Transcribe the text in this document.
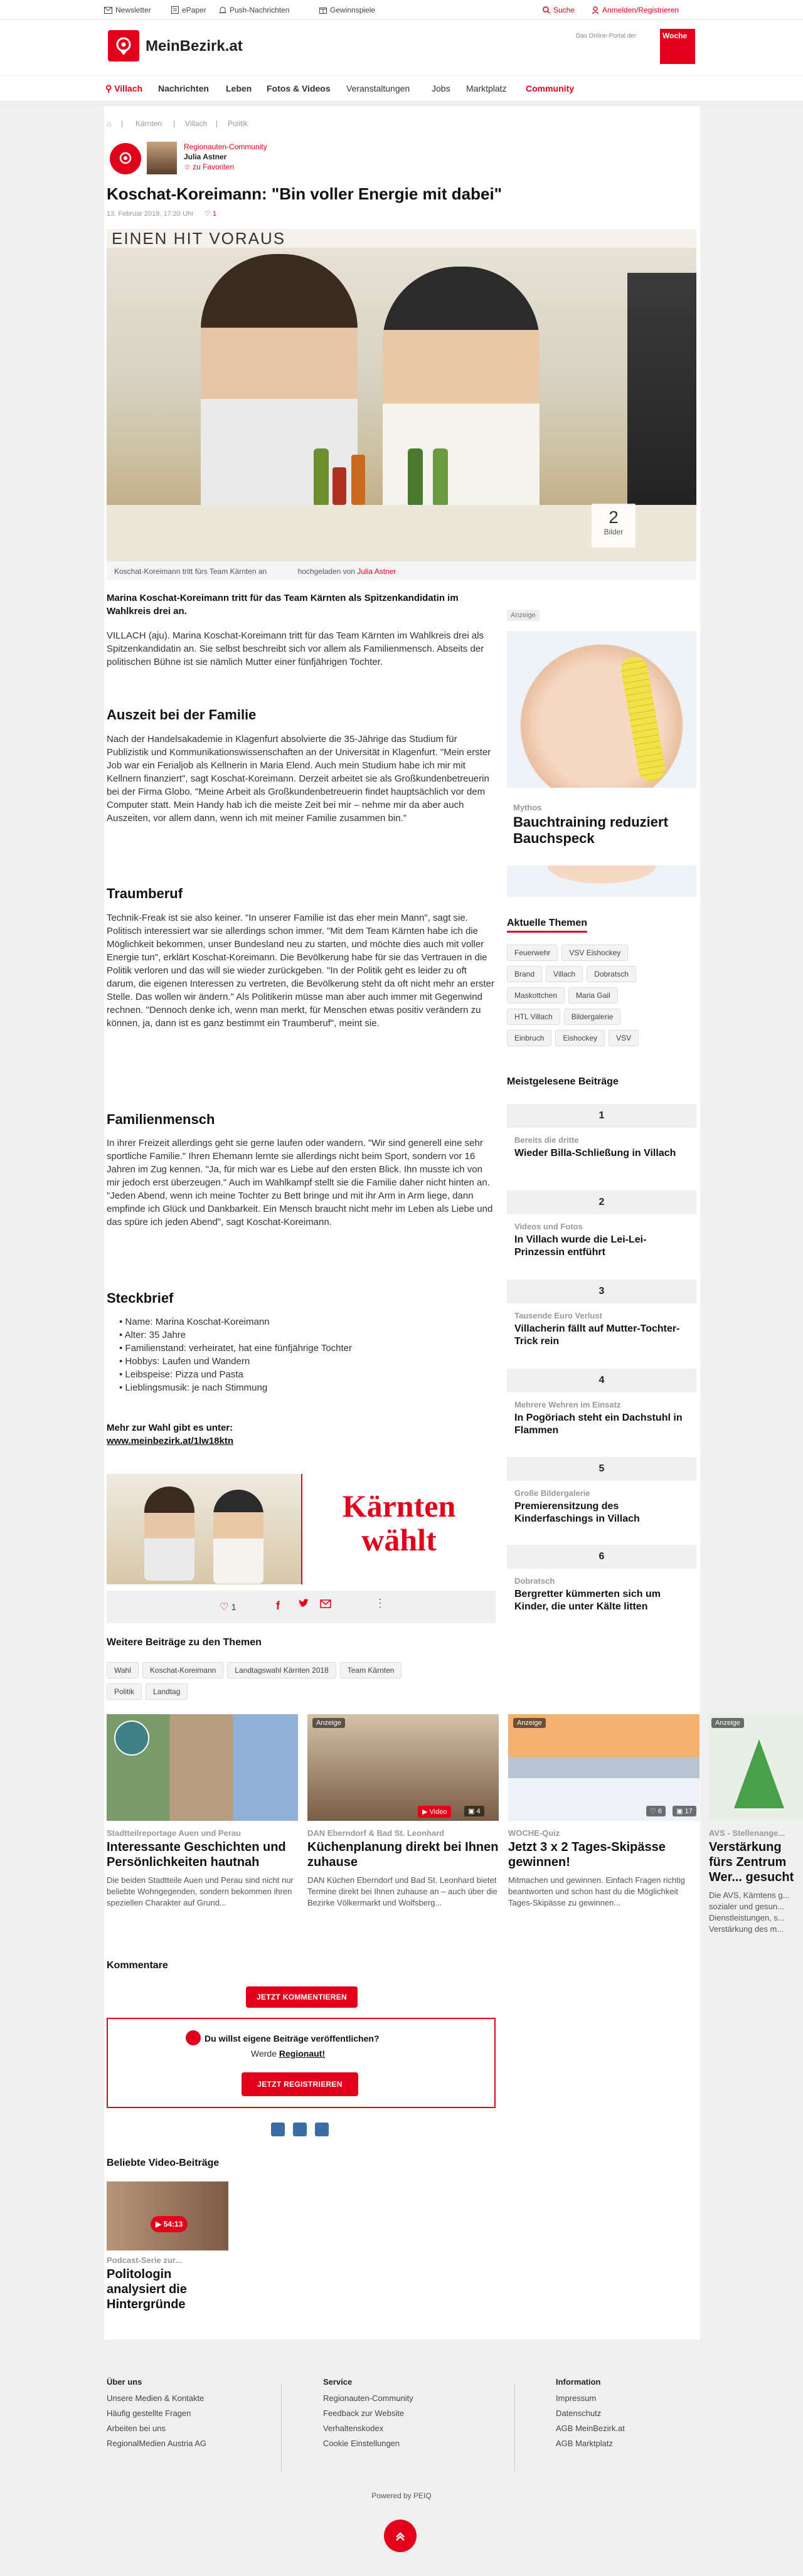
Newsletter	ePaper	Push-Nachrichten	Gewinnspiele	Suche	Anmelden/Registrieren
MeinBezirk.at
Das Online-Portal der	Woche
⚲ Villach Nachrichten Leben Fotos & Videos Veranstaltungen Jobs Marktplatz Community
⌂ | Kärnten | Villach | Politik
Regionauten-Community
Julia Astner
☆ zu Favoriten
Koschat-Koreimann: "Bin voller Energie mit dabei"
13. Februar 2018, 17:20 Uhr ♡ 1
EINEN HIT VORAUS
2
Bilder
Koschat-Koreimann tritt fürs Team Kärnten an	hochgeladen von Julia Astner
Marina Koschat-Koreimann tritt für das Team Kärnten als Spitzenkandidatin im Wahlkreis drei an.
VILLACH (aju). Marina Koschat-Koreimann tritt für das Team Kärnten im Wahlkreis drei als Spitzenkandidatin an. Sie selbst beschreibt sich vor allem als Familienmensch. Abseits der politischen Bühne ist sie nämlich Mutter einer fünfjährigen Tochter.
Auszeit bei der Familie
Nach der Handelsakademie in Klagenfurt absolvierte die 35-Jährige das Studium für Publizistik und Kommunikationswissenschaften an der Universität in Klagenfurt. "Mein erster Job war ein Ferialjob als Kellnerin in Maria Elend. Auch mein Studium habe ich mir mit Kellnern finanziert", sagt Koschat-Koreimann. Derzeit arbeitet sie als Großkundenbetreuerin bei der Firma Globo. "Meine Arbeit als Großkundenbetreuerin findet hauptsächlich vor dem Computer statt. Mein Handy hab ich die meiste Zeit bei mir – nehme mir da aber auch Auszeiten, vor allem dann, wenn ich mit meiner Familie zusammen bin."
Traumberuf
Technik-Freak ist sie also keiner. "In unserer Familie ist das eher mein Mann", sagt sie. Politisch interessiert war sie allerdings schon immer. "Mit dem Team Kärnten habe ich die Möglichkeit bekommen, unser Bundesland neu zu starten, und möchte dies auch mit voller Energie tun", erklärt Koschat-Koreimann. Die Bevölkerung habe für sie das Vertrauen in die Politik verloren und das will sie wieder zurückgeben. "In der Politik geht es leider zu oft darum, die eigenen Interessen zu vertreten, die Bevölkerung steht da oft nicht mehr an erster Stelle. Das wollen wir ändern." Als Politikerin müsse man aber auch immer mit Gegenwind rechnen. "Dennoch denke ich, wenn man merkt, für Menschen etwas positiv verändern zu können, ja, dann ist es ganz bestimmt ein Traumberuf", meint sie.
Familienmensch
In ihrer Freizeit allerdings geht sie gerne laufen oder wandern. "Wir sind generell eine sehr sportliche Familie." Ihren Ehemann lernte sie allerdings nicht beim Sport, sondern vor 16 Jahren im Zug kennen. "Ja, für mich war es Liebe auf den ersten Blick. Ihn musste ich von mir jedoch erst überzeugen." Auch im Wahlkampf stellt sie die Familie daher nicht hinten an. "Jeden Abend, wenn ich meine Tochter zu Bett bringe und mit ihr Arm in Arm liege, dann empfinde ich Glück und Dankbarkeit. Ein Mensch braucht nicht mehr im Leben als Liebe und das spüre ich jeden Abend", sagt Koschat-Koreimann.
Steckbrief
• Name: Marina Koschat-Koreimann
• Alter: 35 Jahre
• Familienstand: verheiratet, hat eine fünfjährige Tochter
• Hobbys: Laufen und Wandern
• Leibspeise: Pizza und Pasta
• Lieblingsmusik: je nach Stimmung
Mehr zur Wahl gibt es unter:
www.meinbezirk.at/1lw18ktn
Kärnten
wählt
♡ 1	f	⋮
Anzeige
Mythos
Bauchtraining reduziert Bauchspeck
Aktuelle Themen
Feuerwehr	VSV Eishockey
Brand	Villach	Dobratsch
Maskottchen	Maria Gail
HTL Villach	Bildergalerie
Einbruch	Eishockey	VSV
Meistgelesene Beiträge
1
Bereits die dritte
Wieder Billa-Schließung in Villach
2
Videos und Fotos
In Villach wurde die Lei-Lei-Prinzessin entführt
3
Tausende Euro Verlust
Villacherin fällt auf Mutter-Tochter-Trick rein
4
Mehrere Wehren im Einsatz
In Pogöriach steht ein Dachstuhl in Flammen
5
Große Bildergalerie
Premierensitzung des Kinderfaschings in Villach
6
Dobratsch
Bergretter kümmerten sich um Kinder, die unter Kälte litten
Weitere Beiträge zu den Themen
Wahl	Koschat-Koreimann	Landtagswahl Kärnten 2018	Team Kärnten
Politik	Landtag
Stadtteilreportage Auen und Perau
Interessante Geschichten und Persönlichkeiten hautnah
Die beiden Stadtteile Auen und Perau sind nicht nur beliebte Wohngegenden, sondern bekommen ihren speziellen Charakter auf Grund...
Anzeige
▶ Video	▣ 4
DAN Eberndorf & Bad St. Leonhard
Küchenplanung direkt bei Ihnen zuhause
DAN Küchen Eberndorf und Bad St. Leonhard bietet Termine direkt bei Ihnen zuhause an – auch über die Bezirke Völkermarkt und Wolfsberg...
Anzeige
♡ 6	▣ 17
WOCHE-Quiz
Jetzt 3 x 2 Tages-Skipässe gewinnen!
Mitmachen und gewinnen. Einfach Fragen richtig beantworten und schon hast du die Möglichkeit Tages-Skipässe zu gewinnen...
Anzeige
AVS - Stellenange...
Verstärkung fürs Zentrum Wer... gesucht
Die AVS, Kärntens g... sozialer und gesun... Dienstleistungen, s... Verstärkung des m...
Kommentare
JETZT KOMMENTIEREN
Du willst eigene Beiträge veröffentlichen?
Werde Regionaut!
JETZT REGISTRIEREN
Beliebte Video-Beiträge
▶ 54:13
Podcast-Serie zur...
Politologin analysiert die Hintergründe
Über uns
Unsere Medien & Kontakte
Häufig gestellte Fragen
Arbeiten bei uns
RegionalMedien Austria AG
Service
Regionauten-Community
Feedback zur Website
Verhaltenskodex
Cookie Einstellungen
Information
Impressum
Datenschutz
AGB MeinBezirk.at
AGB Marktplatz
Powered by PEIQ
